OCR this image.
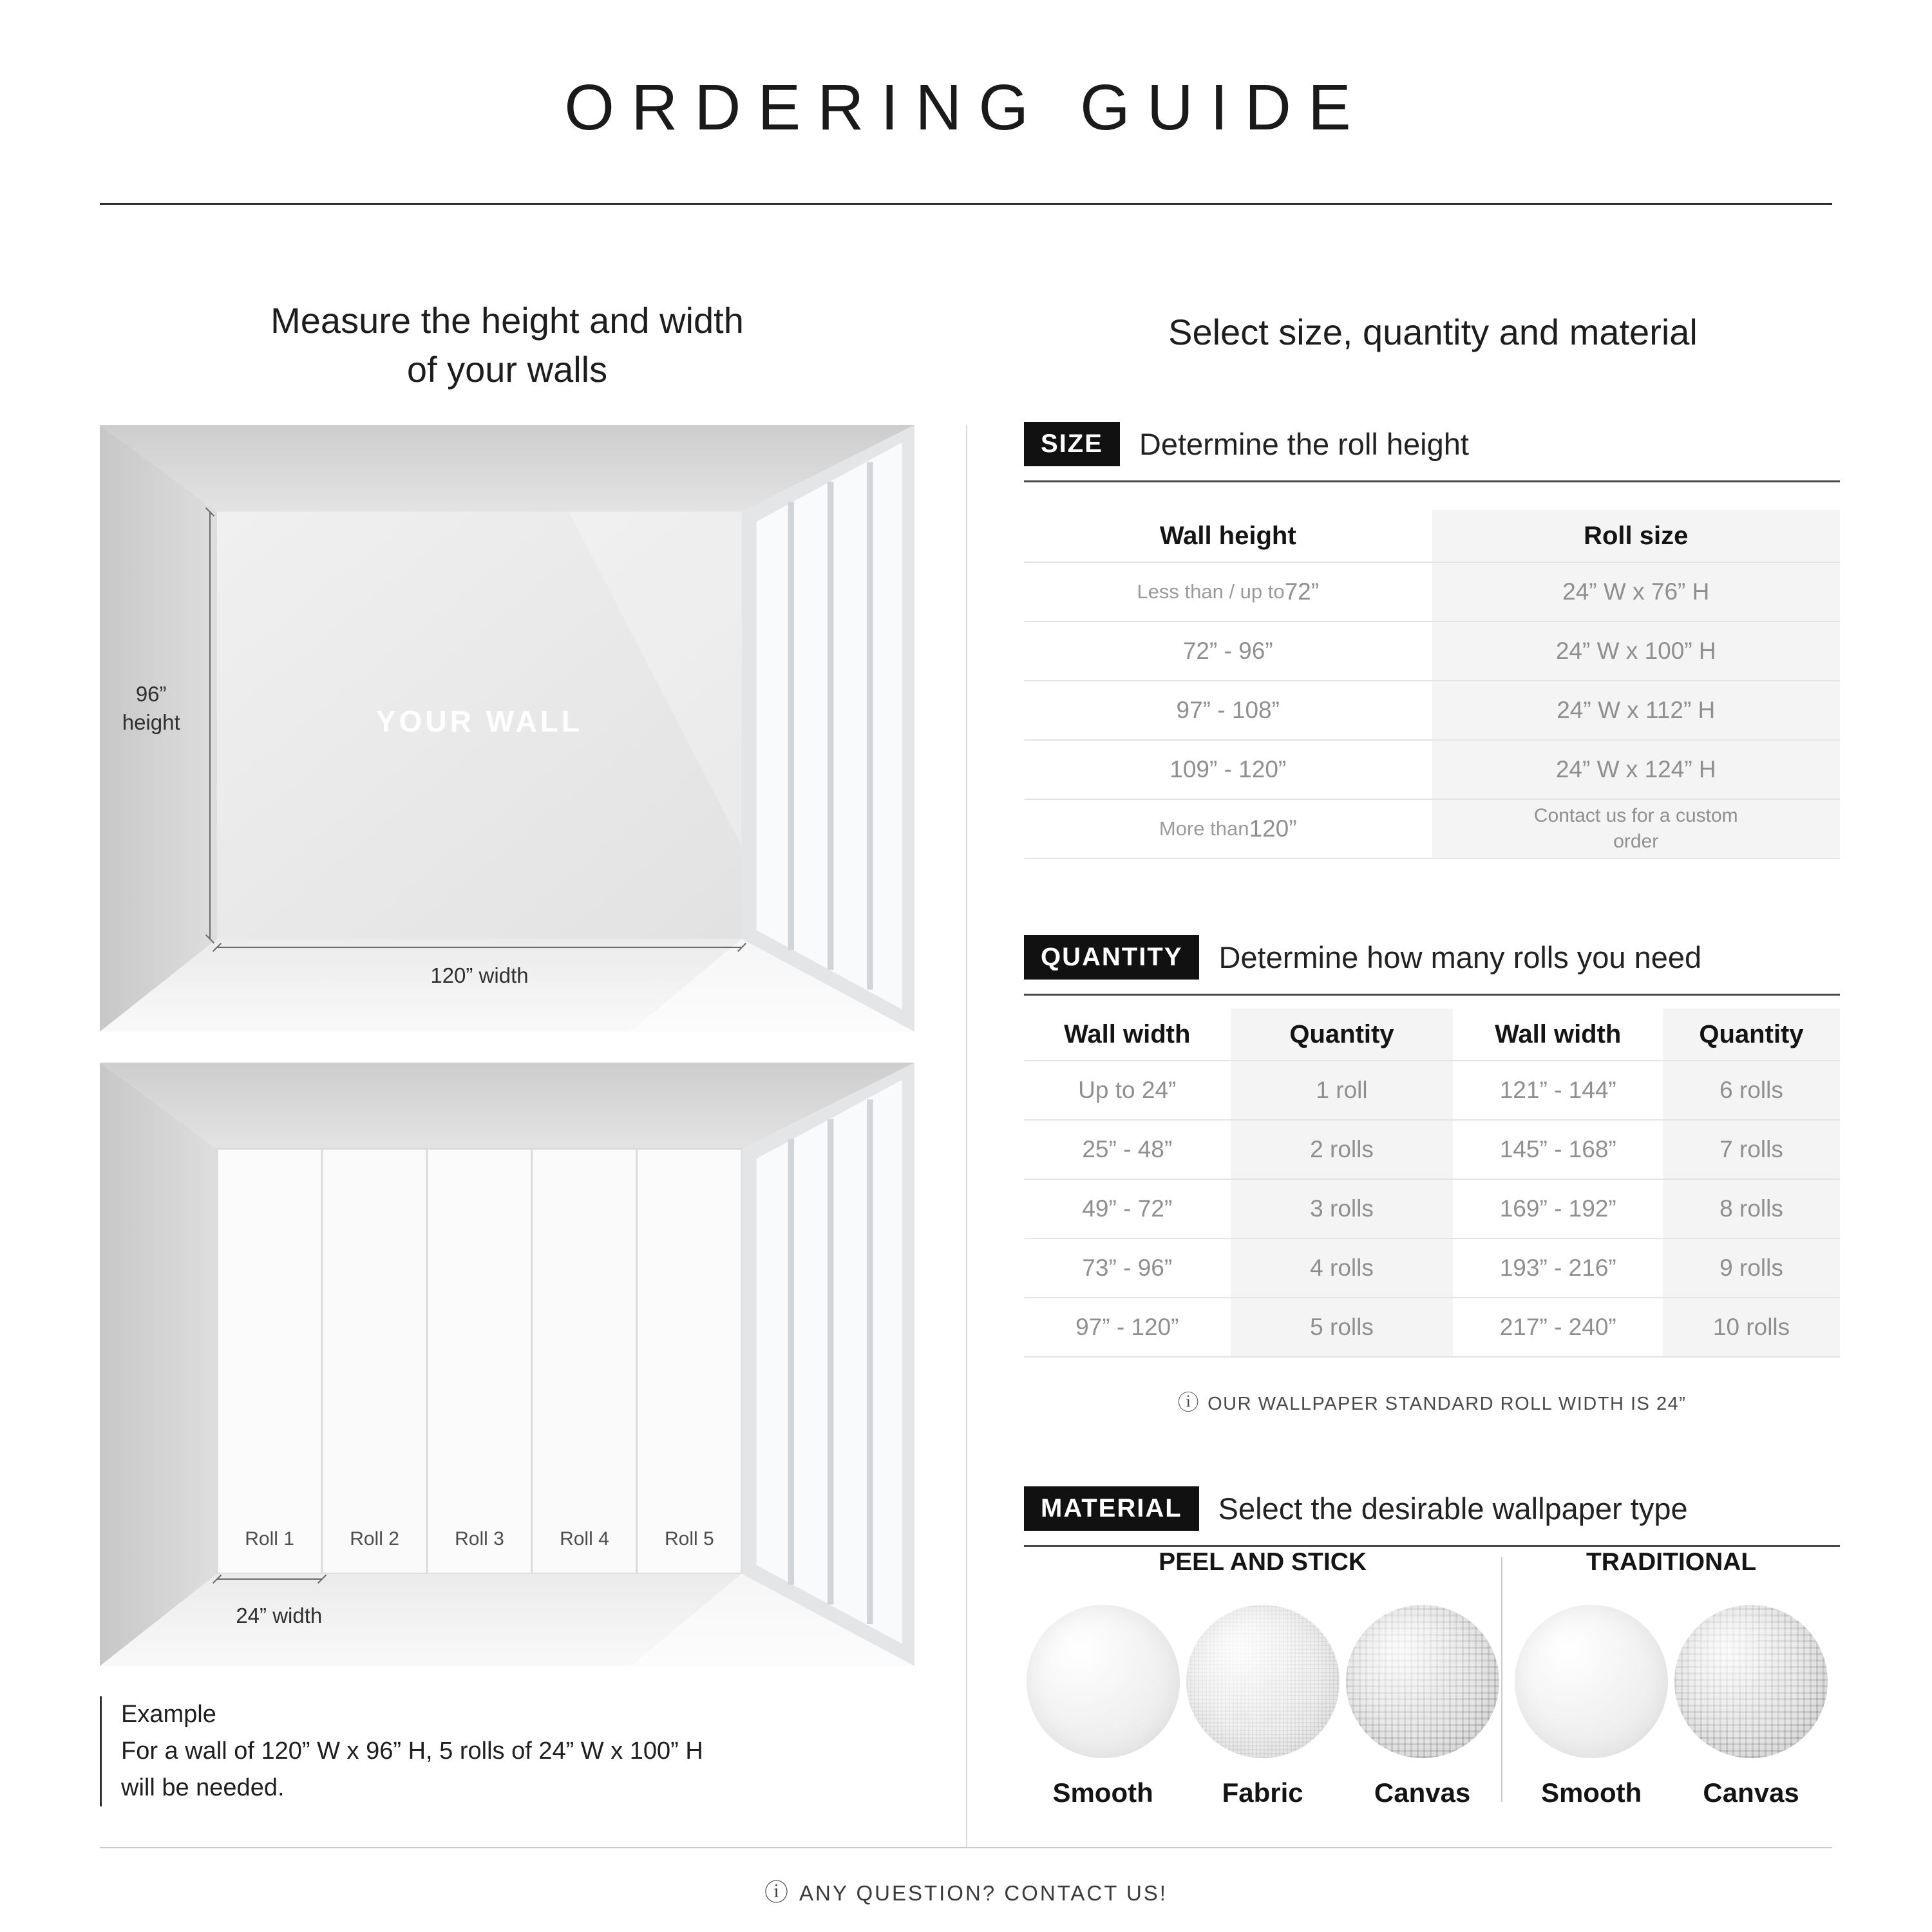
ORDERING GUIDE
Measure the height and width
of your walls
Select size, quantity and material
YOUR WALL
96”
height
120” width
Roll 1	Roll 2	Roll 3	Roll 4	Roll 5
24” width
Example
For a wall of 120” W x 96” H, 5 rolls of 24” W x 100” H
will be needed.
SIZE	Determine the roll height
Wall height	Roll size
Less than / up to 72”	24” W x 76” H
72” - 96”	24” W x 100” H
97” - 108”	24” W x 112” H
109” - 120”	24” W x 124” H
More than 120”	Contact us for a custom order
QUANTITY	Determine how many rolls you need
Wall width	Quantity	Wall width	Quantity
Up to 24”	1 roll	121” - 144”	6 rolls
25” - 48”	2 rolls	145” - 168”	7 rolls
49” - 72”	3 rolls	169” - 192”	8 rolls
73” - 96”	4 rolls	193” - 216”	9 rolls
97” - 120”	5 rolls	217” - 240”	10 rolls
ⓘ OUR WALLPAPER STANDARD ROLL WIDTH IS 24”
MATERIAL	Select the desirable wallpaper type
PEEL AND STICK
Smooth	Fabric	Canvas
TRADITIONAL
Smooth Canvas
ⓘ ANY QUESTION? CONTACT US!
